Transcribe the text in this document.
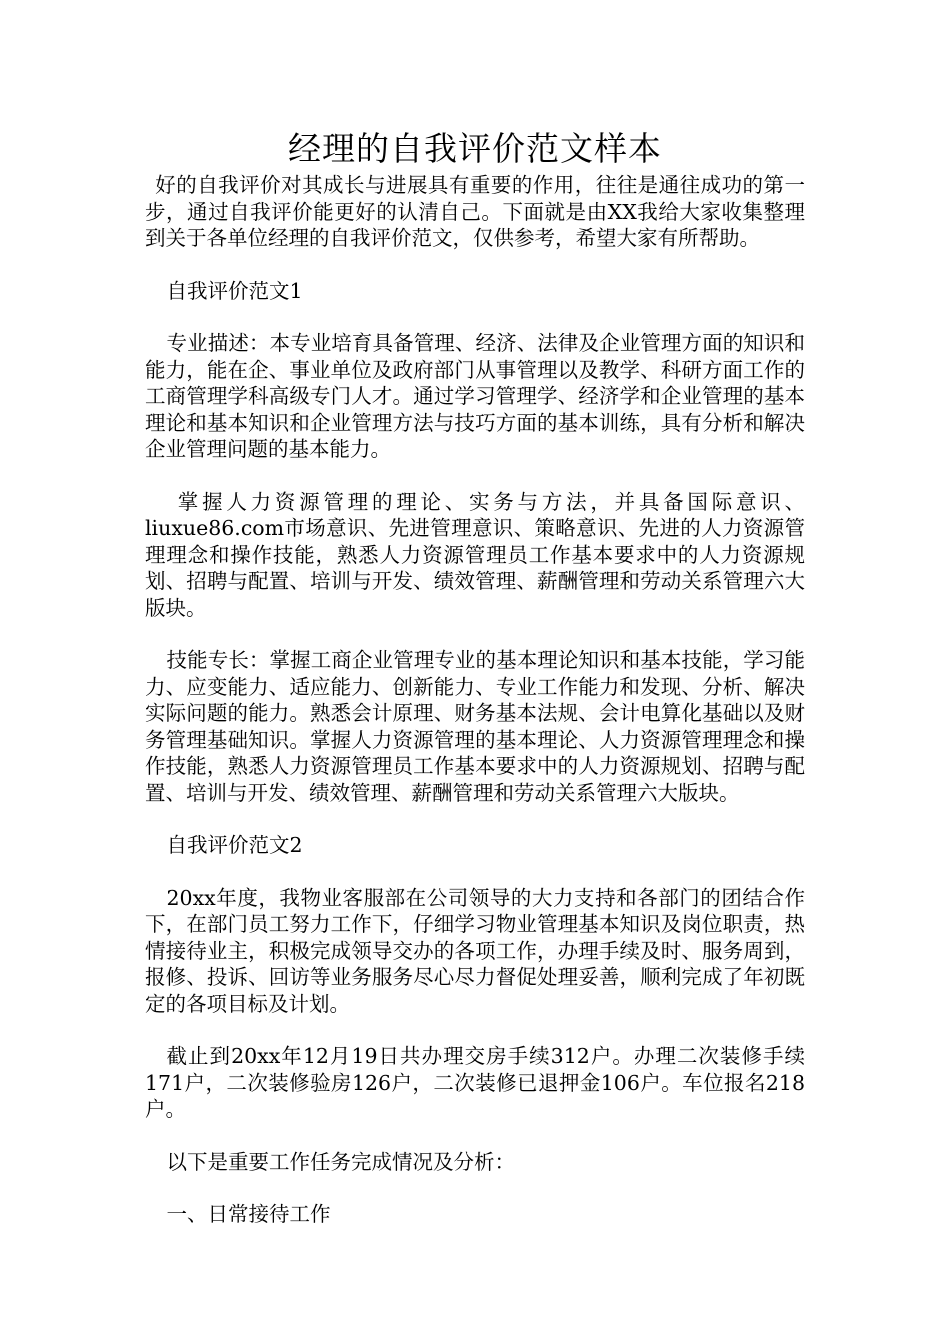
经理的自我评价范文样本

好的自我评价对其成长与进展具有重要的作用，往往是通往成功的第一步，通过自我评价能更好的认清自己。下面就是由XX我给大家收集整理到关于各单位经理的自我评价范文，仅供参考，希望大家有所帮助。

自我评价范文1

专业描述：本专业培育具备管理、经济、法律及企业管理方面的知识和能力，能在企、事业单位及政府部门从事管理以及教学、科研方面工作的工商管理学科高级专门人才。通过学习管理学、经济学和企业管理的基本理论和基本知识和企业管理方法与技巧方面的基本训练，具有分析和解决企业管理问题的基本能力。

掌握人力资源管理的理论、实务与方法，并具备国际意识、liuxue86.com市场意识、先进管理意识、策略意识、先进的人力资源管理理念和操作技能，熟悉人力资源管理员工作基本要求中的人力资源规划、招聘与配置、培训与开发、绩效管理、薪酬管理和劳动关系管理六大版块。

技能专长：掌握工商企业管理专业的基本理论知识和基本技能，学习能力、应变能力、适应能力、创新能力、专业工作能力和发现、分析、解决实际问题的能力。熟悉会计原理、财务基本法规、会计电算化基础以及财务管理基础知识。掌握人力资源管理的基本理论、人力资源管理理念和操作技能，熟悉人力资源管理员工作基本要求中的人力资源规划、招聘与配置、培训与开发、绩效管理、薪酬管理和劳动关系管理六大版块。

自我评价范文2

20xx年度，我物业客服部在公司领导的大力支持和各部门的团结合作下，在部门员工努力工作下，仔细学习物业管理基本知识及岗位职责，热情接待业主，积极完成领导交办的各项工作，办理手续及时、服务周到，报修、投诉、回访等业务服务尽心尽力督促处理妥善，顺利完成了年初既定的各项目标及计划。

截止到20xx年12月19日共办理交房手续312户。办理二次装修手续171户，二次装修验房126户，二次装修已退押金106户。车位报名218户。

以下是重要工作任务完成情况及分析：

一、日常接待工作
